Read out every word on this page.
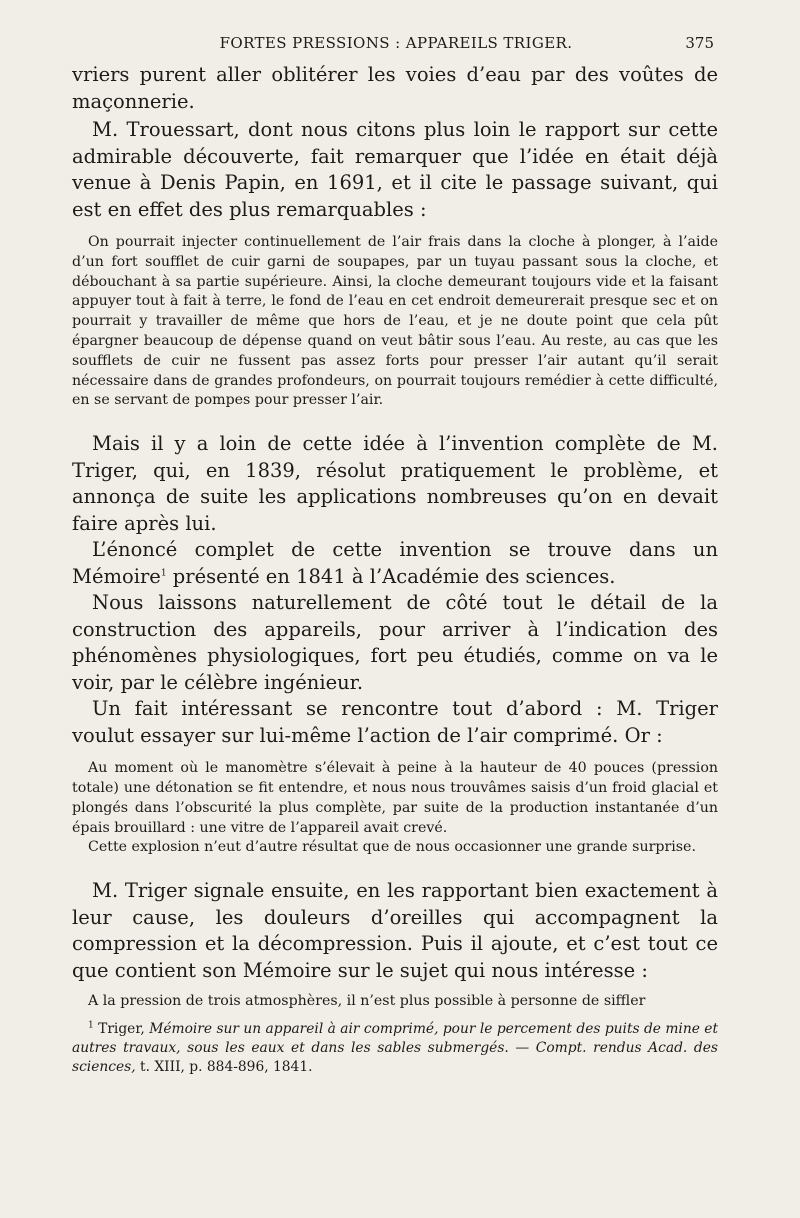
FORTES PRESSIONS : APPAREILS TRIGER.	375

vriers purent aller oblitérer les voies d’eau par des voûtes de maçonnerie.

M. Trouessart, dont nous citons plus loin le rapport sur cette admirable découverte, fait remarquer que l’idée en était déjà venue à Denis Papin, en 1691, et il cite le passage suivant, qui est en effet des plus remarquables :

On pourrait injecter continuellement de l’air frais dans la cloche à plonger, à l’aide d’un fort soufflet de cuir garni de soupapes, par un tuyau passant sous la cloche, et débouchant à sa partie supérieure. Ainsi, la cloche demeurant toujours vide et la faisant appuyer tout à fait à terre, le fond de l’eau en cet endroit demeurerait presque sec et on pourrait y travailler de même que hors de l’eau, et je ne doute point que cela pût épargner beaucoup de dépense quand on veut bâtir sous l’eau. Au reste, au cas que les soufflets de cuir ne fussent pas assez forts pour presser l’air autant qu’il serait nécessaire dans de grandes profondeurs, on pourrait toujours remédier à cette difficulté, en se servant de pompes pour presser l’air.

Mais il y a loin de cette idée à l’invention complète de M. Triger, qui, en 1839, résolut pratiquement le problème, et annonça de suite les applications nombreuses qu’on en devait faire après lui.

L’énoncé complet de cette invention se trouve dans un Mémoire$^1$ présenté en 1841 à l’Académie des sciences.

Nous laissons naturellement de côté tout le détail de la construction des appareils, pour arriver à l’indication des phénomènes physiologiques, fort peu étudiés, comme on va le voir, par le célèbre ingénieur.

Un fait intéressant se rencontre tout d’abord : M. Triger voulut essayer sur lui-même l’action de l’air comprimé. Or :

Au moment où le manomètre s’élevait à peine à la hauteur de 40 pouces (pression totale) une détonation se fit entendre, et nous nous trouvâmes saisis d’un froid glacial et plongés dans l’obscurité la plus complète, par suite de la production instantanée d’un épais brouillard : une vitre de l’appareil avait crevé.

Cette explosion n’eut d’autre résultat que de nous occasionner une grande surprise.

M. Triger signale ensuite, en les rapportant bien exactement à leur cause, les douleurs d’oreilles qui accompagnent la compression et la décompression. Puis il ajoute, et c’est tout ce que contient son Mémoire sur le sujet qui nous intéresse :

A la pression de trois atmosphères, il n’est plus possible à personne de siffler

$^1$ Triger, Mémoire sur un appareil à air comprimé, pour le percement des puits de mine et autres travaux, sous les eaux et dans les sables submergés. — Compt. rendus Acad. des sciences, t. XIII, p. 884-896, 1841.
